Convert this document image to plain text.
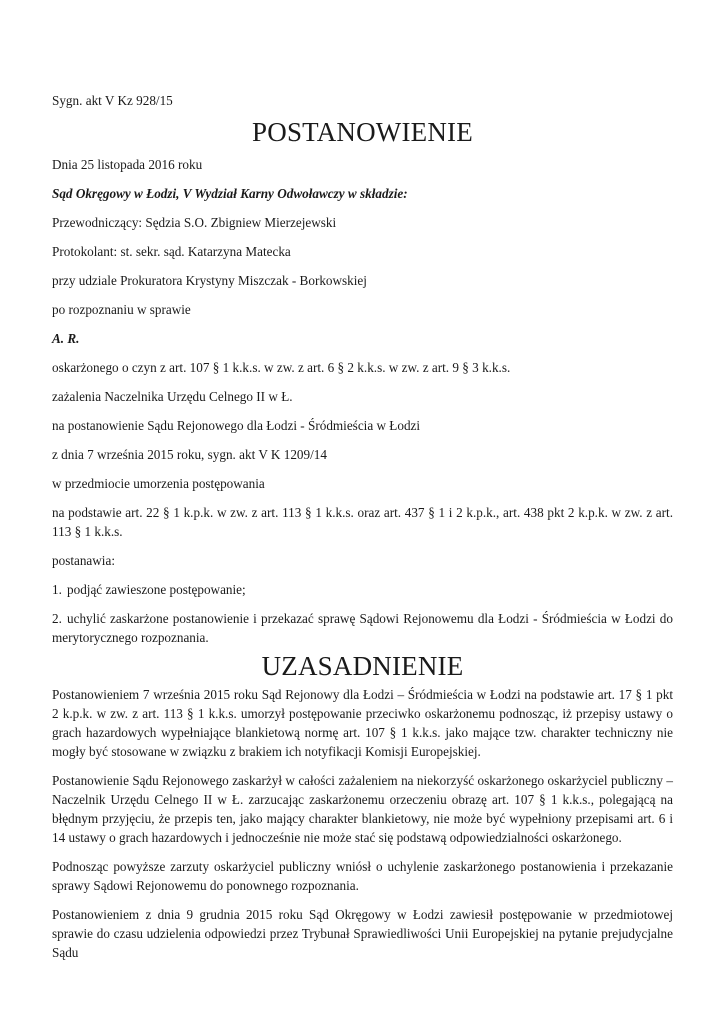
Sygn. akt V Kz 928/15

POSTANOWIENIE

Dnia 25 listopada 2016 roku

Sąd Okręgowy w Łodzi, V Wydział Karny Odwoławczy w składzie:

Przewodniczący: Sędzia S.O. Zbigniew Mierzejewski

Protokolant: st. sekr. sąd. Katarzyna Matecka

przy udziale Prokuratora Krystyny Miszczak - Borkowskiej

po rozpoznaniu w sprawie

A. R.

oskarżonego o czyn z art. 107 § 1 k.k.s. w zw. z art. 6 § 2 k.k.s. w zw. z art. 9 § 3 k.k.s.

zażalenia Naczelnika Urzędu Celnego II w Ł.

na postanowienie Sądu Rejonowego dla Łodzi - Śródmieścia w Łodzi

z dnia 7 września 2015 roku, sygn. akt V K 1209/14

w przedmiocie umorzenia postępowania

na podstawie art. 22 § 1 k.p.k. w zw. z art. 113 § 1 k.k.s. oraz art. 437 § 1 i 2 k.p.k., art. 438 pkt 2 k.p.k. w zw. z art. 113 § 1 k.k.s.

postanawia:

1. podjąć zawieszone postępowanie;

2. uchylić zaskarżone postanowienie i przekazać sprawę Sądowi Rejonowemu dla Łodzi - Śródmieścia w Łodzi do merytorycznego rozpoznania.

UZASADNIENIE

Postanowieniem 7 września 2015 roku Sąd Rejonowy dla Łodzi – Śródmieścia w Łodzi na podstawie art. 17 § 1 pkt 2 k.p.k. w zw. z art. 113 § 1 k.k.s. umorzył postępowanie przeciwko oskarżonemu podnosząc, iż przepisy ustawy o grach hazardowych wypełniające blankietową normę art. 107 § 1 k.k.s. jako mające tzw. charakter techniczny nie mogły być stosowane w związku z brakiem ich notyfikacji Komisji Europejskiej.

Postanowienie Sądu Rejonowego zaskarżył w całości zażaleniem na niekorzyść oskarżonego oskarżyciel publiczny – Naczelnik Urzędu Celnego II w Ł. zarzucając zaskarżonemu orzeczeniu obrazę art. 107 § 1 k.k.s., polegającą na błędnym przyjęciu, że przepis ten, jako mający charakter blankietowy, nie może być wypełniony przepisami art. 6 i 14 ustawy o grach hazardowych i jednocześnie nie może stać się podstawą odpowiedzialności oskarżonego.

Podnosząc powyższe zarzuty oskarżyciel publiczny wniósł o uchylenie zaskarżonego postanowienia i przekazanie sprawy Sądowi Rejonowemu do ponownego rozpoznania.

Postanowieniem z dnia 9 grudnia 2015 roku Sąd Okręgowy w Łodzi zawiesił postępowanie w przedmiotowej sprawie do czasu udzielenia odpowiedzi przez Trybunał Sprawiedliwości Unii Europejskiej na pytanie prejudycjalne Sądu
